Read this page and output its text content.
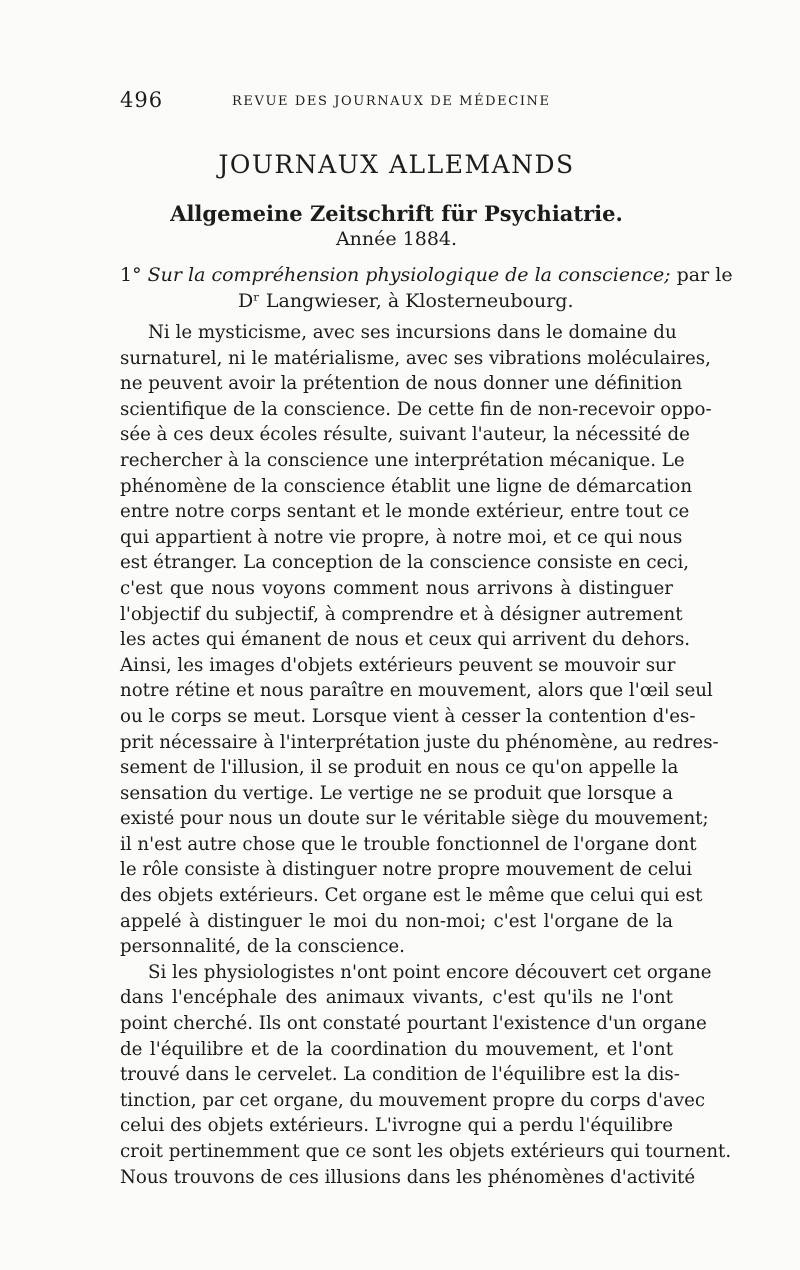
496	REVUE DES JOURNAUX DE MÉDECINE
JOURNAUX ALLEMANDS
Allgemeine Zeitschrift für Psychiatrie.
Année 1884.
1° Sur la compréhension physiologique de la conscience; par le
Dʳ Langwieser, à Klosterneubourg.
Ni le mysticisme, avec ses incursions dans le domaine du
surnaturel, ni le matérialisme, avec ses vibrations moléculaires,
ne peuvent avoir la prétention de nous donner une définition
scientifique de la conscience. De cette fin de non-recevoir oppo-
sée à ces deux écoles résulte, suivant l'auteur, la nécessité de
rechercher à la conscience une interprétation mécanique. Le
phénomène de la conscience établit une ligne de démarcation
entre notre corps sentant et le monde extérieur, entre tout ce
qui appartient à notre vie propre, à notre moi, et ce qui nous
est étranger. La conception de la conscience consiste en ceci,
c'est que nous voyons comment nous arrivons à distinguer
l'objectif du subjectif, à comprendre et à désigner autrement
les actes qui émanent de nous et ceux qui arrivent du dehors.
Ainsi, les images d'objets extérieurs peuvent se mouvoir sur
notre rétine et nous paraître en mouvement, alors que l'œil seul
ou le corps se meut. Lorsque vient à cesser la contention d'es-
prit nécessaire à l'interprétation juste du phénomène, au redres-
sement de l'illusion, il se produit en nous ce qu'on appelle la
sensation du vertige. Le vertige ne se produit que lorsque a
existé pour nous un doute sur le véritable siège du mouvement;
il n'est autre chose que le trouble fonctionnel de l'organe dont
le rôle consiste à distinguer notre propre mouvement de celui
des objets extérieurs. Cet organe est le même que celui qui est
appelé à distinguer le moi du non-moi; c'est l'organe de la
personnalité, de la conscience.
Si les physiologistes n'ont point encore découvert cet organe
dans l'encéphale des animaux vivants, c'est qu'ils ne l'ont
point cherché. Ils ont constaté pourtant l'existence d'un organe
de l'équilibre et de la coordination du mouvement, et l'ont
trouvé dans le cervelet. La condition de l'équilibre est la dis-
tinction, par cet organe, du mouvement propre du corps d'avec
celui des objets extérieurs. L'ivrogne qui a perdu l'équilibre
croit pertinemment que ce sont les objets extérieurs qui tournent.
Nous trouvons de ces illusions dans les phénomènes d'activité
